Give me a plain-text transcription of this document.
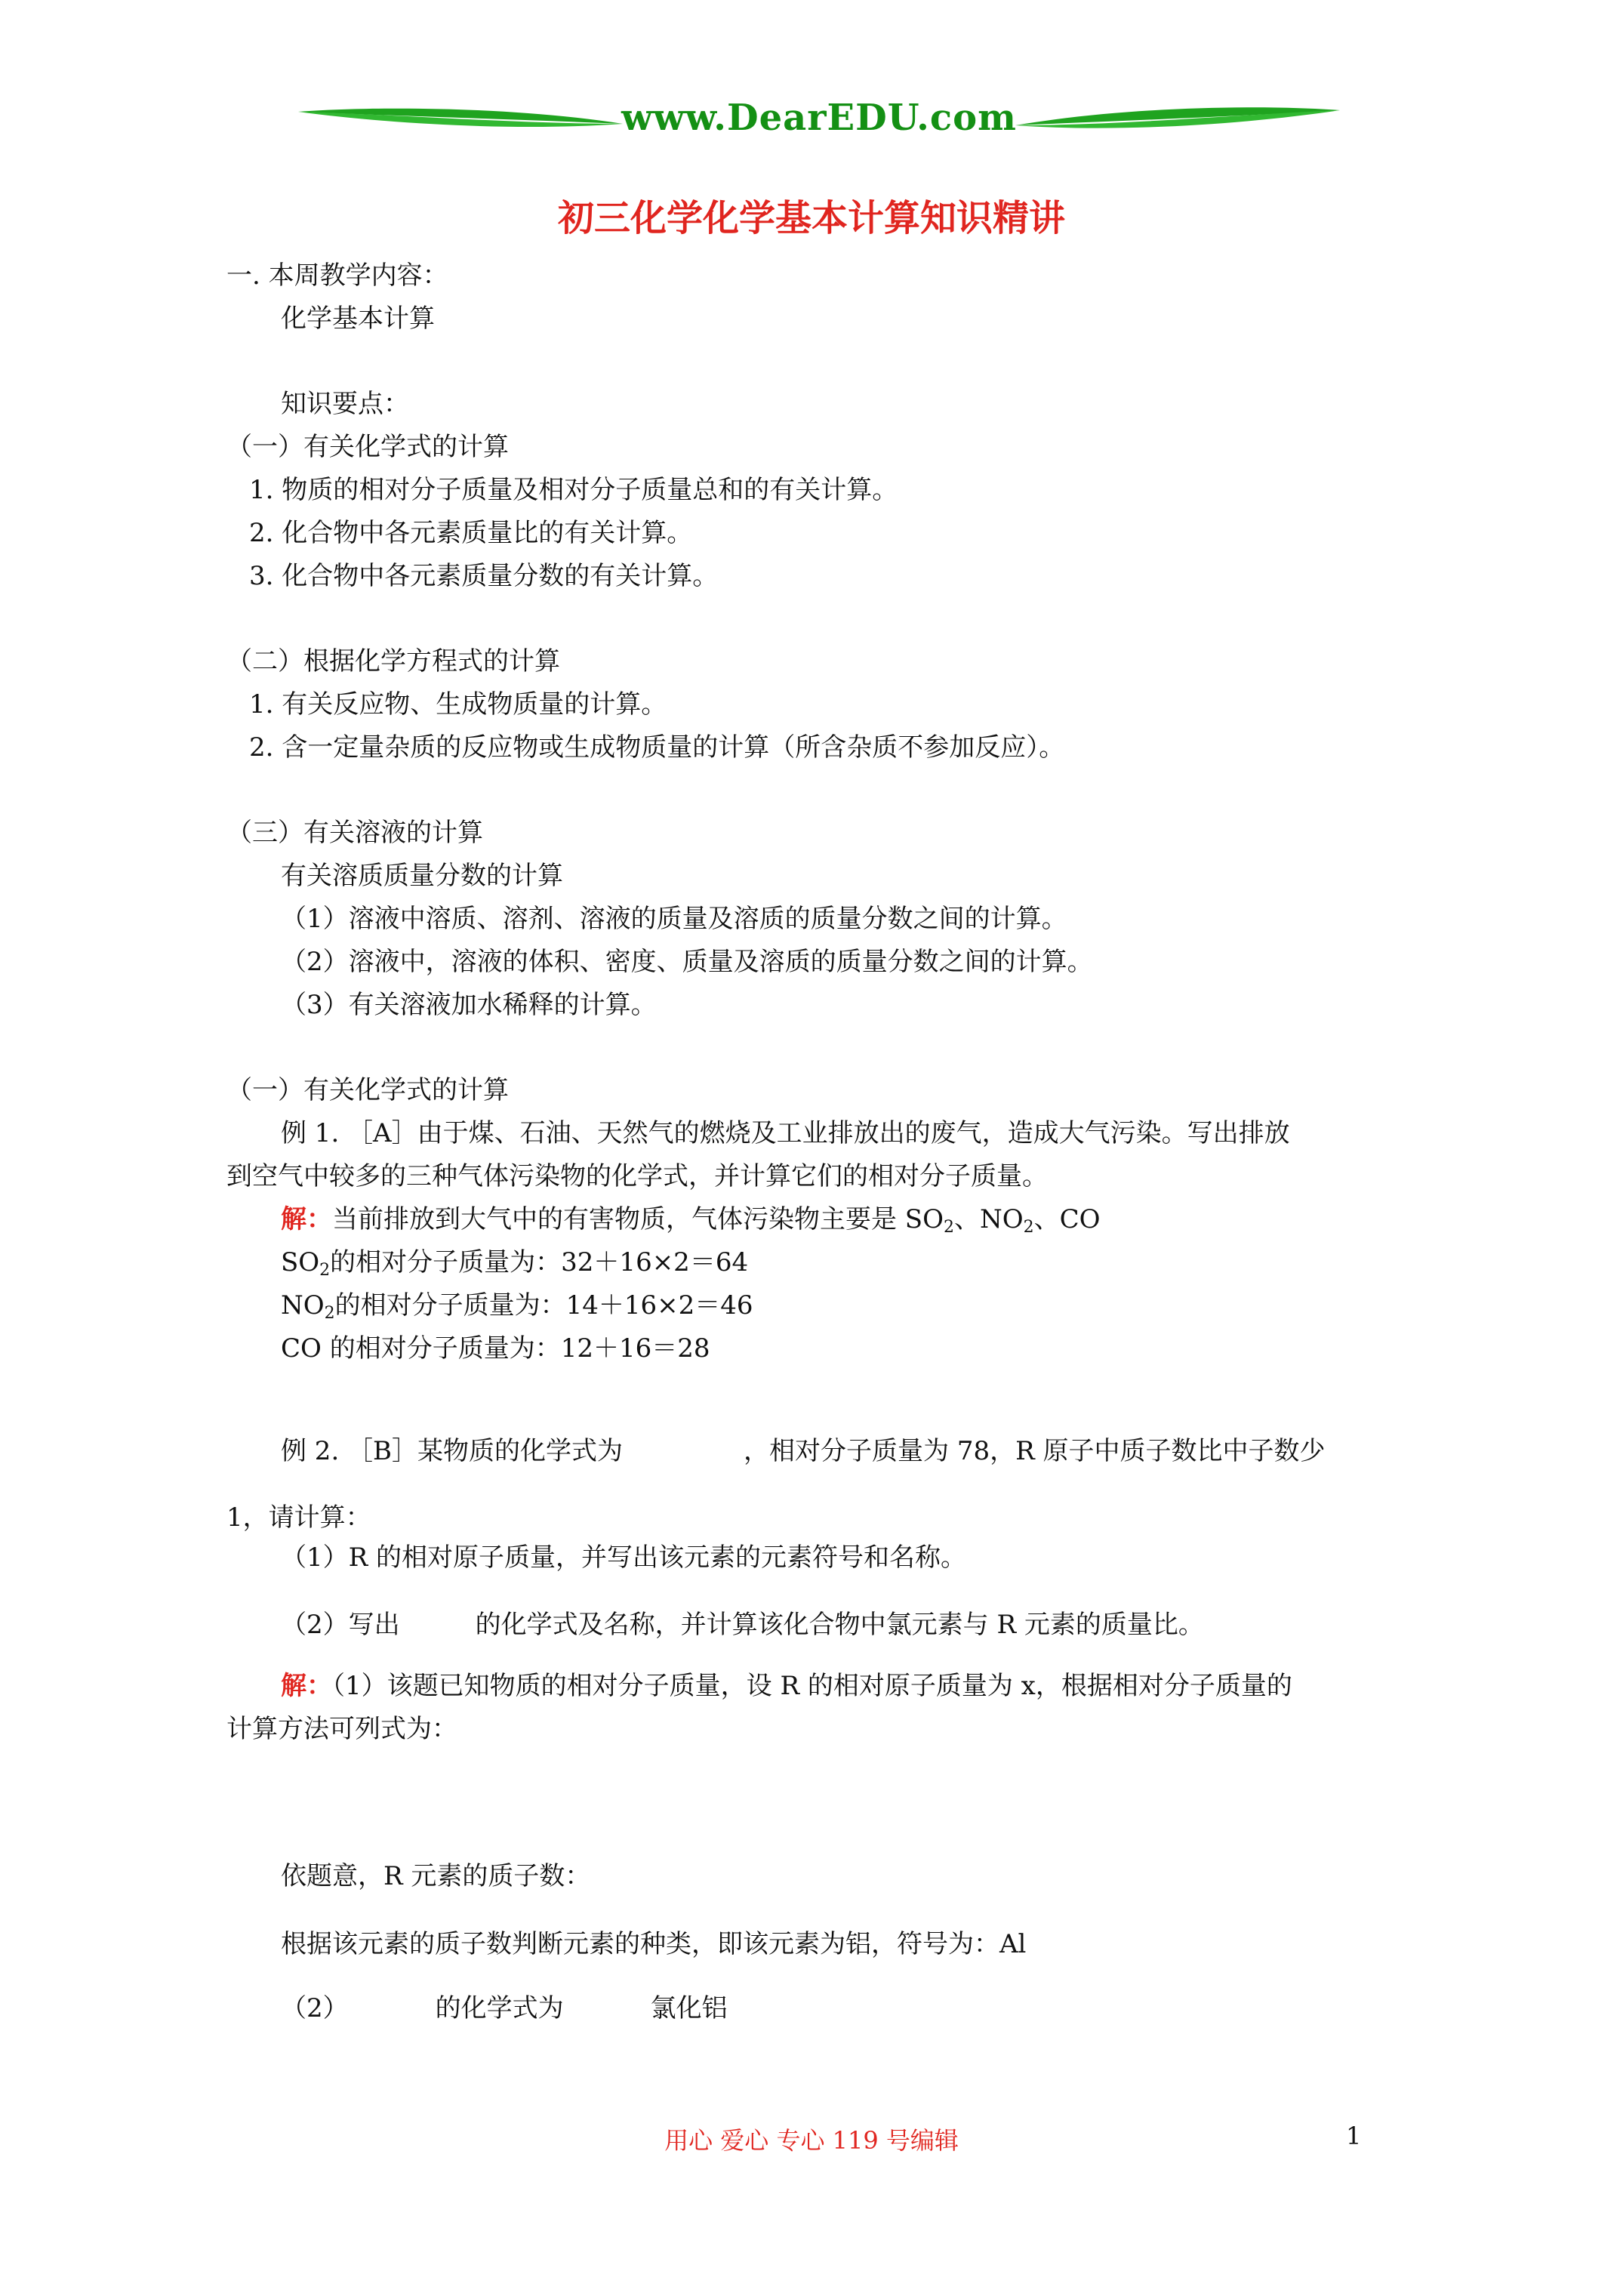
www.DearEDU.com
初三化学化学基本计算知识精讲
一. 本周教学内容：
化学基本计算
知识要点：
（一）有关化学式的计算
1. 物质的相对分子质量及相对分子质量总和的有关计算。
2. 化合物中各元素质量比的有关计算。
3. 化合物中各元素质量分数的有关计算。
（二）根据化学方程式的计算
1. 有关反应物、生成物质量的计算。
2. 含一定量杂质的反应物或生成物质量的计算（所含杂质不参加反应）。
（三）有关溶液的计算
有关溶质质量分数的计算
（1）溶液中溶质、溶剂、溶液的质量及溶质的质量分数之间的计算。
（2）溶液中，溶液的体积、密度、质量及溶质的质量分数之间的计算。
（3）有关溶液加水稀释的计算。
（一）有关化学式的计算
例 1. ［A］由于煤、石油、天然气的燃烧及工业排放出的废气，造成大气污染。写出排放
到空气中较多的三种气体污染物的化学式，并计算它们的相对分子质量。
解：当前排放到大气中的有害物质，气体污染物主要是 $SO_2$、$NO_2$、CO
$SO_2$的相对分子质量为：32＋16×2＝64
$NO_2$的相对分子质量为：14＋16×2＝46
CO 的相对分子质量为：12＋16＝28
例 2. ［B］某物质的化学式为	，相对分子质量为 78，R 原子中质子数比中子数少
1，请计算：
（1）R 的相对原子质量，并写出该元素的元素符号和名称。
（2）写出	的化学式及名称，并计算该化合物中氯元素与 R 元素的质量比。
解：（1）该题已知物质的相对分子质量，设 R 的相对原子质量为 x，根据相对分子质量的
计算方法可列式为：
依题意，R 元素的质子数：
根据该元素的质子数判断元素的种类，即该元素为铝，符号为：Al
（2）	的化学式为	氯化铝
用心 爱心 专心 119 号编辑	1
